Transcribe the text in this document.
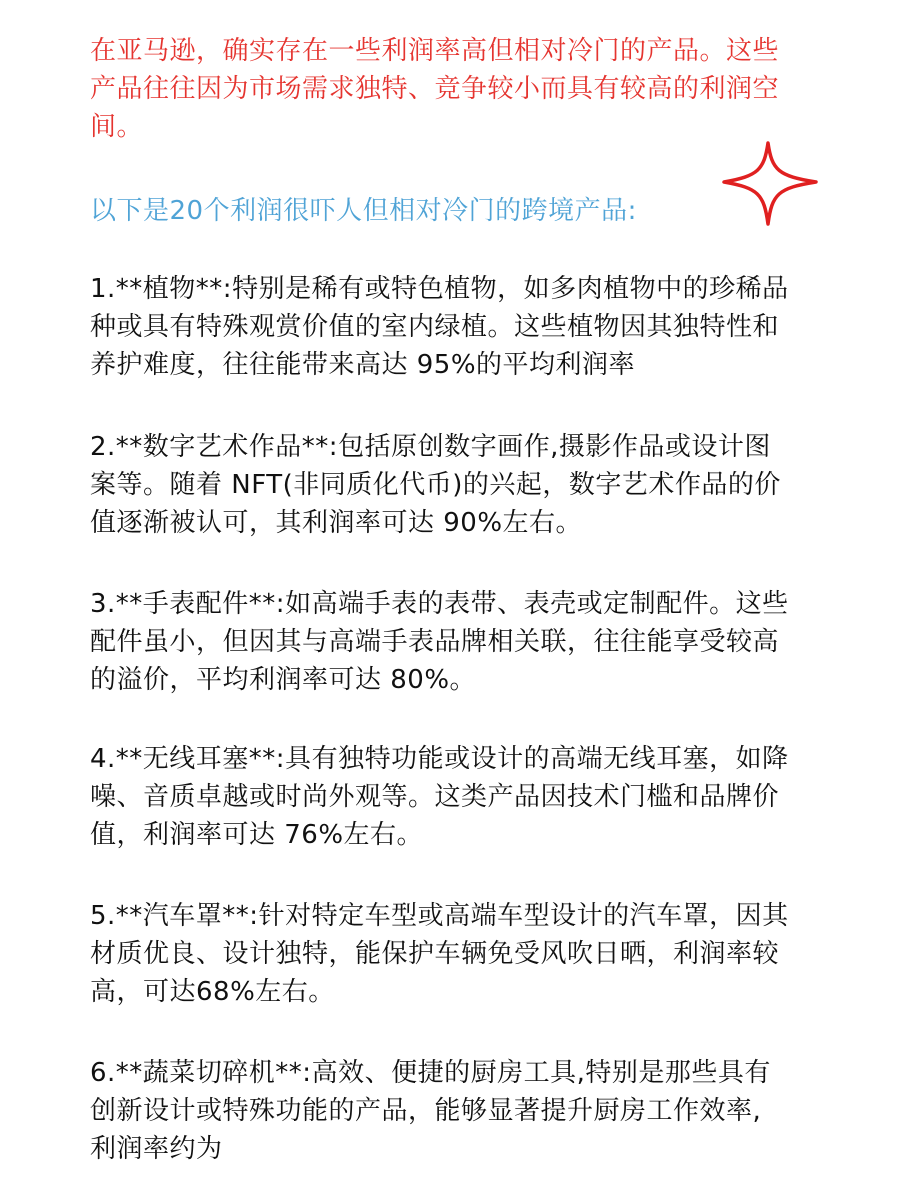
在亚马逊，确实存在一些利润率高但相对冷门的产品。这些
产品往往因为市场需求独特、竞争较小而具有较高的利润空
间。
以下是20个利润很吓人但相对冷门的跨境产品:
1.**植物**:特别是稀有或特色植物，如多肉植物中的珍稀品
种或具有特殊观赏价值的室内绿植。这些植物因其独特性和
养护难度，往往能带来高达 95%的平均利润率
2.**数字艺术作品**:包括原创数字画作,摄影作品或设计图
案等。随着 NFT(非同质化代币)的兴起，数字艺术作品的价
值逐渐被认可，其利润率可达 90%左右。
3.**手表配件**:如高端手表的表带、表壳或定制配件。这些
配件虽小，但因其与高端手表品牌相关联，往往能享受较高
的溢价，平均利润率可达 80%。
4.**无线耳塞**:具有独特功能或设计的高端无线耳塞，如降
噪、音质卓越或时尚外观等。这类产品因技术门槛和品牌价
值，利润率可达 76%左右。
5.**汽车罩**:针对特定车型或高端车型设计的汽车罩，因其
材质优良、设计独特，能保护车辆免受风吹日晒，利润率较
高，可达68%左右。
6.**蔬菜切碎机**:高效、便捷的厨房工具,特别是那些具有
创新设计或特殊功能的产品，能够显著提升厨房工作效率,
利润率约为
